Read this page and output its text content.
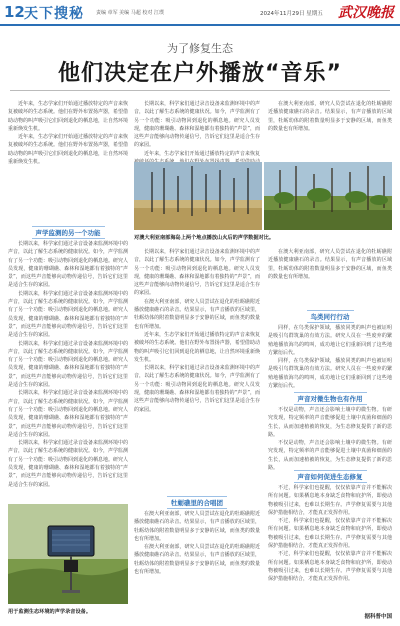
12 天下搜秘 责编 章军 美编 马超 校对 江璞	2024年11月29日 星期五 武汉晚报
为了修复生态
他们决定在户外播放“音乐”

近年来，生态学家们开始通过播放特定的声音来恢复被破坏的生态系统。他们在野外布置扬声器，希望借助动物的叫声吸引它们回到退化的栖息地，让自然环境重新焕发生机。

近年来，生态学家们开始通过播放特定的声音来恢复被破坏的生态系统。他们在野外布置扬声器，希望借助动物的叫声吸引它们回到退化的栖息地，让自然环境重新焕发生机。

声学监测的另一个功能

长期以来，科学家们通过录音设备来监测环境中的声音，以此了解生态系统的健康状况。如今，声学监测有了另一个功能：吸引动物回到退化的栖息地。研究人员发现，健康的珊瑚礁、森林和湿地都有着独特的“声景”，而这些声音能够向动物传递信号，告诉它们这里是适合生存的家园。

长期以来，科学家们通过录音设备来监测环境中的声音，以此了解生态系统的健康状况。如今，声学监测有了另一个功能：吸引动物回到退化的栖息地。研究人员发现，健康的珊瑚礁、森林和湿地都有着独特的“声景”，而这些声音能够向动物传递信号，告诉它们这里是适合生存的家园。

长期以来，科学家们通过录音设备来监测环境中的声音，以此了解生态系统的健康状况。如今，声学监测有了另一个功能：吸引动物回到退化的栖息地。研究人员发现，健康的珊瑚礁、森林和湿地都有着独特的“声景”，而这些声音能够向动物传递信号，告诉它们这里是适合生存的家园。

长期以来，科学家们通过录音设备来监测环境中的声音，以此了解生态系统的健康状况。如今，声学监测有了另一个功能：吸引动物回到退化的栖息地。研究人员发现，健康的珊瑚礁、森林和湿地都有着独特的“声景”，而这些声音能够向动物传递信号，告诉它们这里是适合生存的家园。

长期以来，科学家们通过录音设备来监测环境中的声音，以此了解生态系统的健康状况。如今，声学监测有了另一个功能：吸引动物回到退化的栖息地。研究人员发现，健康的珊瑚礁、森林和湿地都有着独特的“声景”，而这些声音能够向动物传递信号，告诉它们这里是适合生存的家园。

长期以来，科学家们通过录音设备来监测环境中的声音，以此了解生态系统的健康状况。如今，声学监测有了另一个功能：吸引动物回到退化的栖息地。研究人员发现，健康的珊瑚礁、森林和湿地都有着独特的“声景”，而这些声音能够向动物传递信号，告诉它们这里是适合生存的家园。

近年来，生态学家们开始通过播放特定的声音来恢复

在澳大利亚南部，研究人员尝试在退化的牡蛎礁附近播放健康礁石的录音。结果显示，有声音播放的区域里，牡蛎幼体的附着数量明显多于安静的区域，而鱼类的数量也有所增加。

对澳大利亚南部海岛上两个地点播放山火后的声学数据对比。

长期以来，科学家们通过录音设备来监测环境中的声音，以此了解生态系统的健康状况。如今，声学监测有了另一个功能：吸引动物回到退化的栖息地。研究人员发现，健康的珊瑚礁、森林和湿地都有着独特的“声景”，而这些声音能够向动物传递信号，告诉它们这里是适合生存的家园。

在澳大利亚南部，研究人员尝试在退化的牡蛎礁附近播放健康礁石的录音。结果显示，有声音播放的区域里，牡蛎幼体的附着数量明显多于安静的区域，而鱼类的数量也有所增加。

近年来，生态学家们开始通过播放特定的声音来恢复被破坏的生态系统。他们在野外布置扬声器，希望借助动物的叫声吸引它们回到退化的栖息地，让自然环境重新焕发生机。

长期以来，科学家们通过录音设备来监测环境中的声音，以此了解生态系统的健康状况。如今，声学监测有了另一个功能：吸引动物回到退化的栖息地。研究人员发现，健康的珊瑚礁、森林和湿地都有着独特的“声景”，而这些声音能够向动物传递信号，告诉它们这里是适合生存的家园。

牡蛎礁里的合唱团

在澳大利亚南部，研究人员尝试在退化的牡蛎礁附近播放健康礁石的录音。结果显示，有声音播放的区域里，牡蛎幼体的附着数量明显多于安静的区域，而鱼类的数量也有所增加。

在澳大利亚南部，研究人员尝试在退化的牡蛎礁附近播放健康礁石的录音。结果显示，有声音播放的区域里，牡蛎幼体的附着数量明显多于安静的区域，而鱼类的数量也有所增加。

在澳大利亚南部，研究人员尝试在退化的牡蛎礁附近播放健康礁石的录音。结果显示，有声音播放的区域里，牡蛎幼体的附着数量明显多于安静的区域，而鱼类的数量也有所增加。

鸟类同行行动

同样，在鸟类保护领域，播放同类的叫声也被证明是吸引鸟群筑巢的有效方法。研究人员在一些废弃的繁殖地播放海鸟的鸣叫，成功地让它们重新回到了这些地方繁衍后代。

同样，在鸟类保护领域，播放同类的叫声也被证明是吸引鸟群筑巢的有效方法。研究人员在一些废弃的繁殖地播放海鸟的鸣叫，成功地让它们重新回到了这些地方繁衍后代。

声音对微生物也有作用

不仅是动物，声音还会影响土壤中的微生物。有研究发现，特定频率的声音能够促进土壤中真菌和细菌的生长，从而加速植被的恢复，为生态修复提供了新的思路。

不仅是动物，声音还会影响土壤中的微生物。有研究发现，特定频率的声音能够促进土壤中真菌和细菌的生长，从而加速植被的恢复，为生态修复提供了新的思路。

声音如何促进生态修复

不过，科学家们也提醒，仅仅依靠声音并不能解决所有问题。如果栖息地本身缺乏食物和庇护所，即使动物被吸引过来，也难以长期生存。声学修复需要与其他保护措施相结合，才能真正发挥作用。

不过，科学家们也提醒，仅仅依靠声音并不能解决所有问题。如果栖息地本身缺乏食物和庇护所，即使动物被吸引过来，也难以长期生存。声学修复需要与其他保护措施相结合，才能真正发挥作用。

不过，科学家们也提醒，仅仅依靠声音并不能解决所有问题。如果栖息地本身缺乏食物和庇护所，即使动物被吸引过来，也难以长期生存。声学修复需要与其他保护措施相结合，才能真正发挥作用。

据科普中国
用于监测生态环境的声学录音设备。
